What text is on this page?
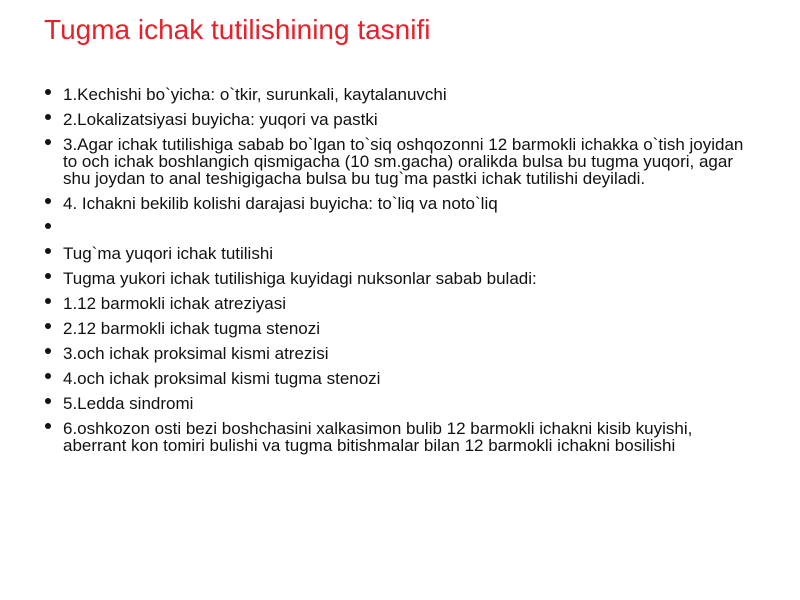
Tugma ichak tutilishining tasnifi
1.Kechishi bo`yicha: o`tkir, surunkali, kaytalanuvchi
2.Lokalizatsiyasi buyicha: yuqori va pastki
3.Agar ichak tutilishiga sabab bo`lgan to`siq oshqozonni 12 barmokli ichakka o`tish joyidan to och ichak boshlangich qismigacha (10 sm.gacha) oralikda bulsa bu tugma yuqori, agar shu joydan to anal teshigigacha bulsa bu tug`ma pastki ichak tutilishi deyiladi.
4. Ichakni bekilib kolishi darajasi buyicha: to`liq va noto`liq
Tug`ma yuqori ichak tutilishi
Tugma yukori ichak tutilishiga kuyidagi nuksonlar sabab buladi:
1.12 barmokli ichak atreziyasi
2.12 barmokli ichak tugma stenozi
3.och ichak proksimal kismi atrezisi
4.och ichak proksimal kismi tugma stenozi
5.Ledda sindromi
6.oshkozon osti bezi boshchasini xalkasimon bulib 12 barmokli ichakni kisib kuyishi, aberrant kon tomiri bulishi va tugma bitishmalar bilan 12 barmokli ichakni bosilishi
